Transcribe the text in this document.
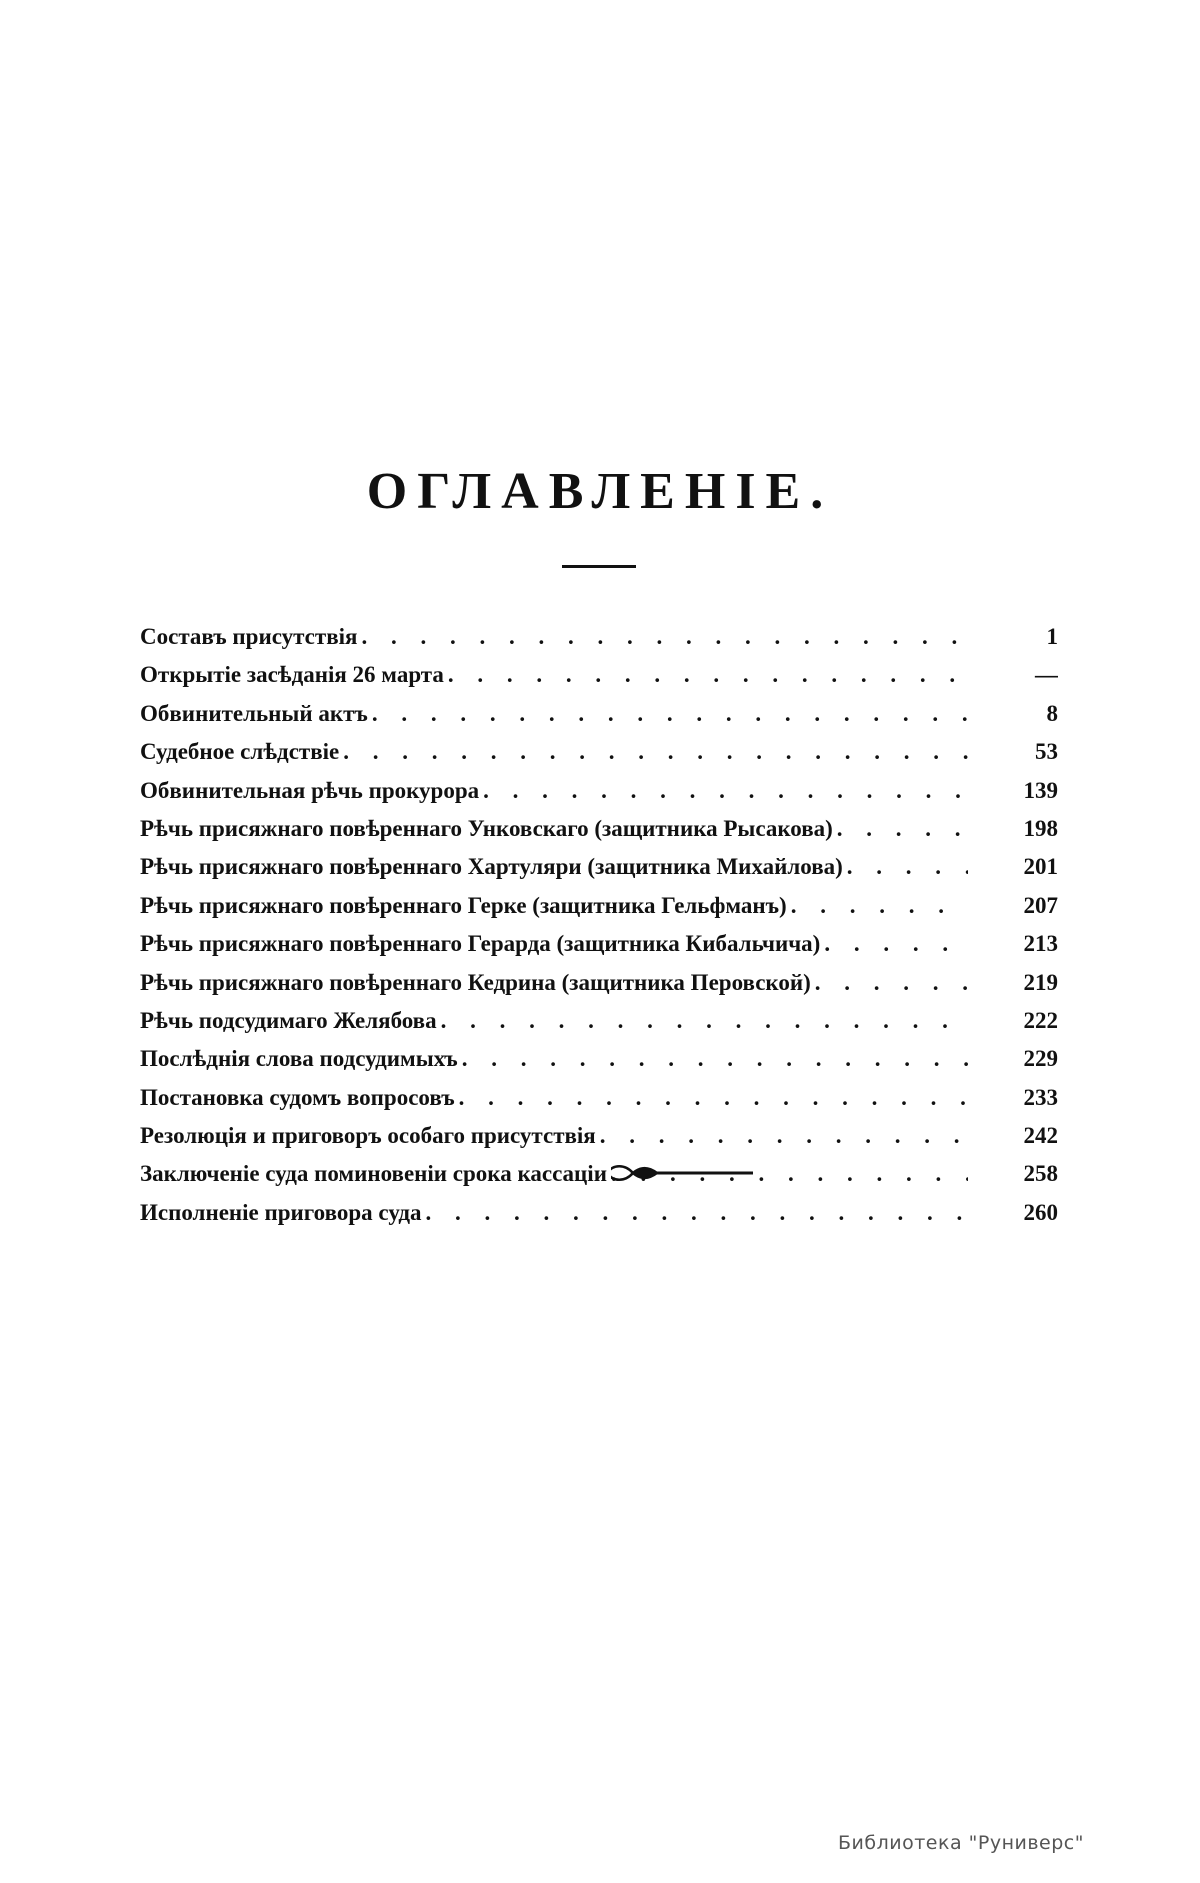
ОГЛАВЛЕНІЕ.
Составъ присутствія . . .	1
Открытіе засѣданія 26 марта . . .	—
Обвинительный актъ . . .	8
Судебное слѣдствіе . . .	53
Обвинительная рѣчь прокурора . . .	139
Рѣчь присяжнаго повѣреннаго Унковскаго (защитника Рысакова) . . .	198
Рѣчь присяжнаго повѣреннаго Хартуляри (защитника Михайлова) . . .	201
Рѣчь присяжнаго повѣреннаго Герке (защитника Гельфманъ) . . .	207
Рѣчь присяжнаго повѣреннаго Герарда (защитника Кибальчича) . . .	213
Рѣчь присяжнаго повѣреннаго Кедрина (защитника Перовской) . . .	219
Рѣчь подсудимаго Желябова . . .	222
Послѣднія слова подсудимыхъ . . .	229
Постановка судомъ вопросовъ . . .	233
Резолюція и приговоръ особаго присутствія . . .	242
Заключеніе суда поминовеніи срока кассаціи . . .	258
Исполненіе приговора суда . . .	260
Библиотека "Руниверс"
